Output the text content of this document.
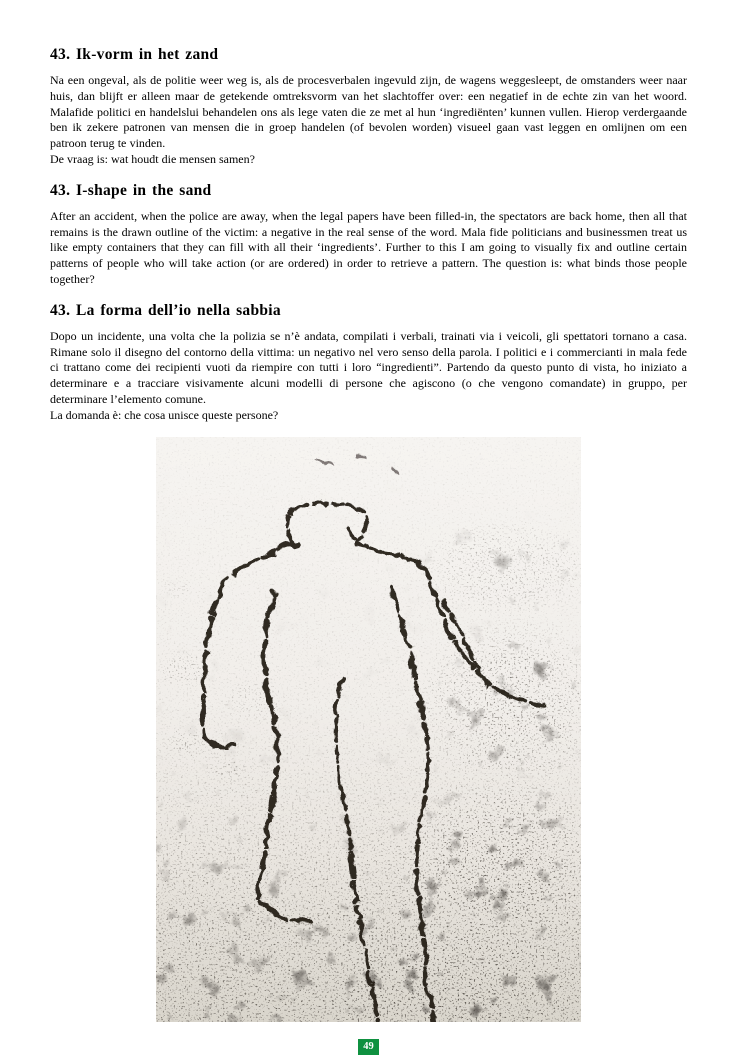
43. Ik-vorm in het zand

Na een ongeval, als de politie weer weg is, als de procesverbalen ingevuld zijn, de wagens weggesleept, de omstanders weer naar huis, dan blijft er alleen maar de getekende omtreksvorm van het slachtoffer over: een negatief in de echte zin van het woord. Malafide politici en handelslui behandelen ons als lege vaten die ze met al hun ‘ingrediënten’ kunnen vullen. Hierop verdergaande ben ik zekere patronen van mensen die in groep handelen (of bevolen worden) visueel gaan vast leggen en omlijnen om een patroon terug te vinden.

De vraag is: wat houdt die mensen samen?

43. I-shape in the sand

After an accident, when the police are away, when the legal papers have been filled-in, the spectators are back home, then all that remains is the drawn outline of the victim: a negative in the real sense of the word. Mala fide politicians and businessmen treat us like empty containers that they can fill with all their ‘ingredients’. Further to this I am going to visually fix and outline certain patterns of people who will take action (or are ordered) in order to retrieve a pattern. The question is: what binds those people together?

43. La forma dell’io nella sabbia

Dopo un incidente, una volta che la polizia se n’è andata, compilati i verbali, trainati via i veicoli, gli spettatori tornano a casa. Rimane solo il disegno del contorno della vittima: un negativo nel vero senso della parola. I politici e i commercianti in mala fede ci trattano come dei recipienti vuoti da riempire con tutti i loro “ingredienti”. Partendo da questo punto di vista, ho iniziato a determinare e a tracciare visivamente alcuni modelli di persone che agiscono (o che vengono comandate) in gruppo, per determinare l’elemento comune.

La domanda è: che cosa unisce queste persone?

49
